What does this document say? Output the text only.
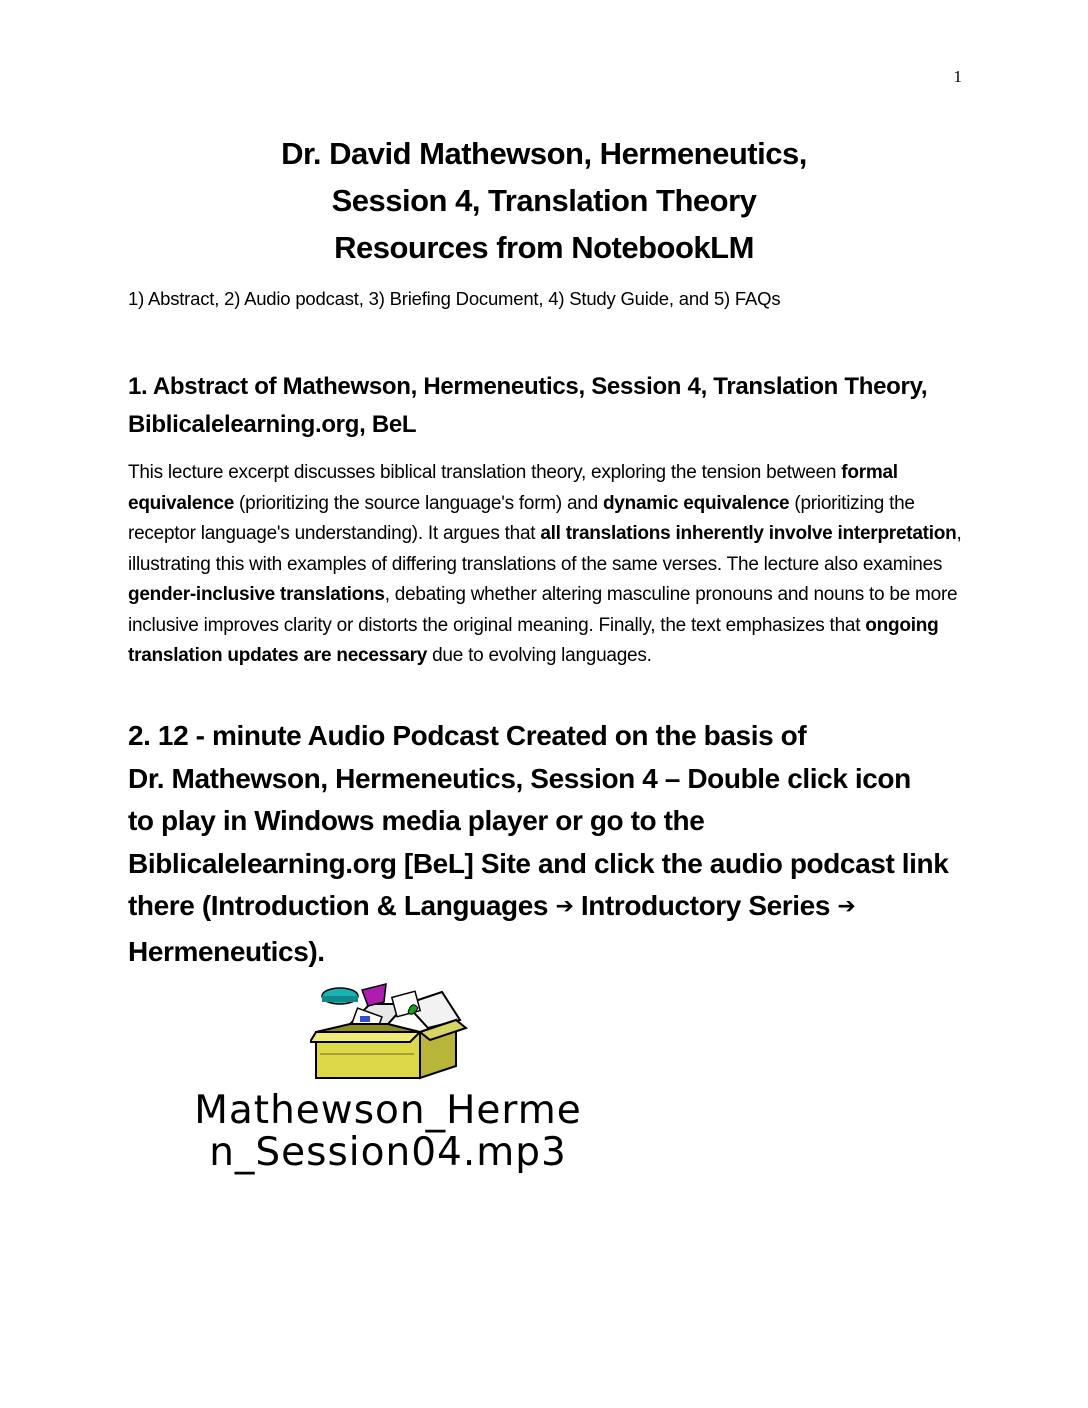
1
Dr. David Mathewson, Hermeneutics,
Session 4, Translation Theory
Resources from NotebookLM
1) Abstract, 2) Audio podcast, 3) Briefing Document, 4) Study Guide, and 5) FAQs
1. Abstract of Mathewson, Hermeneutics, Session 4, Translation Theory, Biblicalelearning.org, BeL
This lecture excerpt discusses biblical translation theory, exploring the tension between formal equivalence (prioritizing the source language's form) and dynamic equivalence (prioritizing the receptor language's understanding). It argues that all translations inherently involve interpretation, illustrating this with examples of differing translations of the same verses. The lecture also examines gender-inclusive translations, debating whether altering masculine pronouns and nouns to be more inclusive improves clarity or distorts the original meaning. Finally, the text emphasizes that ongoing translation updates are necessary due to evolving languages.
2. 12 - minute Audio Podcast Created on the basis of
Dr. Mathewson, Hermeneutics, Session 4 – Double click icon
to play in Windows media player or go to the
Biblicalelearning.org [BeL] Site and click the audio podcast link
there (Introduction & Languages ➔ Introductory Series ➔
Hermeneutics).
Mathewson_Herme
n_Session04.mp3
